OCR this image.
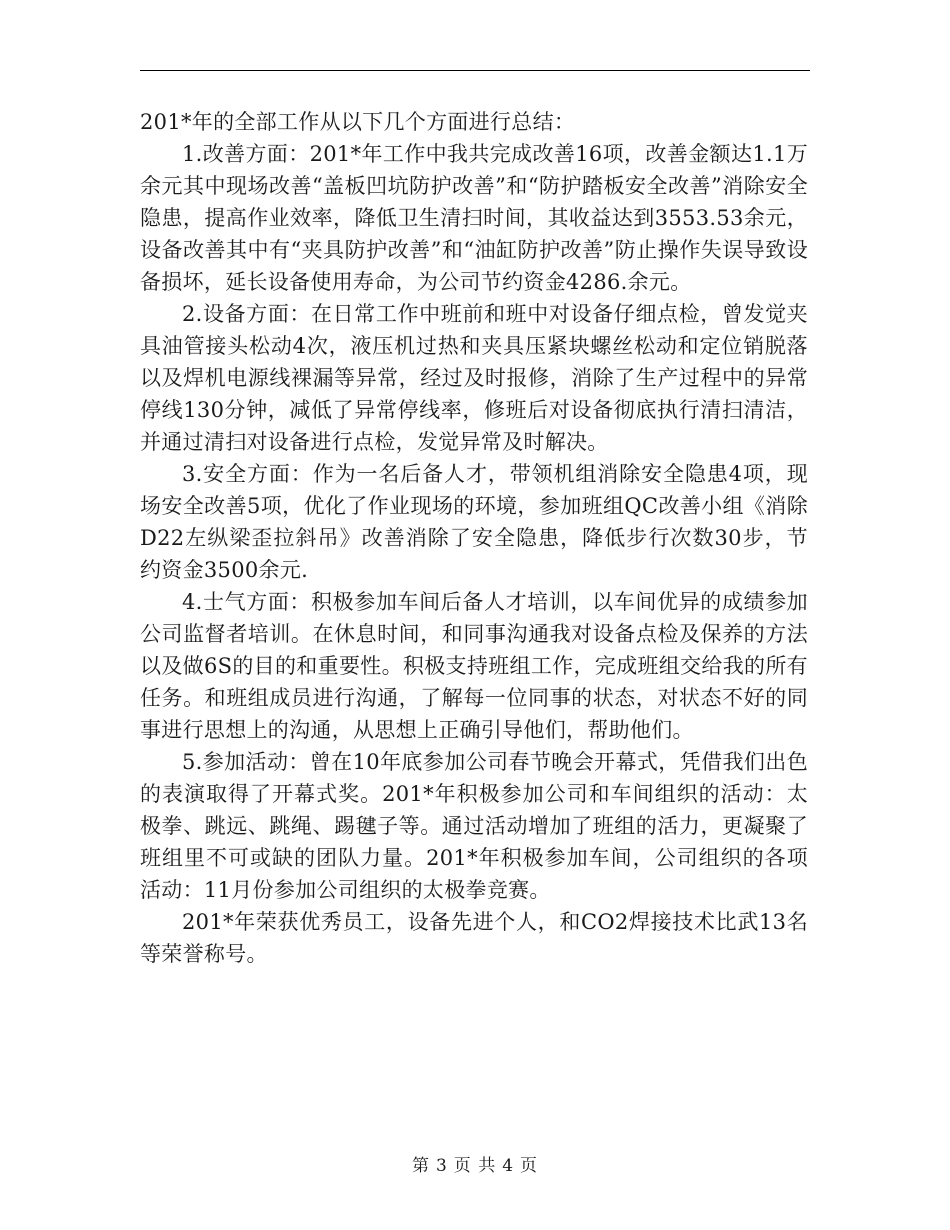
201*年的全部工作从以下几个方面进行总结：

1.改善方面：201*年工作中我共完成改善16项，改善金额达1.1万余元其中现场改善“盖板凹坑防护改善”和“防护踏板安全改善”消除安全隐患，提高作业效率，降低卫生清扫时间，其收益达到3553.53余元，设备改善其中有“夹具防护改善”和“油缸防护改善”防止操作失误导致设备损坏，延长设备使用寿命，为公司节约资金4286.余元。

2.设备方面：在日常工作中班前和班中对设备仔细点检，曾发觉夹具油管接头松动4次，液压机过热和夹具压紧块螺丝松动和定位销脱落以及焊机电源线裸漏等异常，经过及时报修，消除了生产过程中的异常停线130分钟，减低了异常停线率，修班后对设备彻底执行清扫清洁，并通过清扫对设备进行点检，发觉异常及时解决。

3.安全方面：作为一名后备人才，带领机组消除安全隐患4项，现场安全改善5项，优化了作业现场的环境，参加班组QC改善小组《消除D22左纵梁歪拉斜吊》改善消除了安全隐患，降低步行次数30步，节约资金3500余元.

4.士气方面：积极参加车间后备人才培训，以车间优异的成绩参加公司监督者培训。在休息时间，和同事沟通我对设备点检及保养的方法以及做6S的目的和重要性。积极支持班组工作，完成班组交给我的所有任务。和班组成员进行沟通，了解每一位同事的状态，对状态不好的同事进行思想上的沟通，从思想上正确引导他们，帮助他们。

5.参加活动：曾在10年底参加公司春节晚会开幕式，凭借我们出色的表演取得了开幕式奖。201*年积极参加公司和车间组织的活动：太极拳、跳远、跳绳、踢毽子等。通过活动增加了班组的活力，更凝聚了班组里不可或缺的团队力量。201*年积极参加车间，公司组织的各项活动：11月份参加公司组织的太极拳竞赛。

201*年荣获优秀员工，设备先进个人，和CO2焊接技术比武13名等荣誉称号。

第 3 页 共 4 页
